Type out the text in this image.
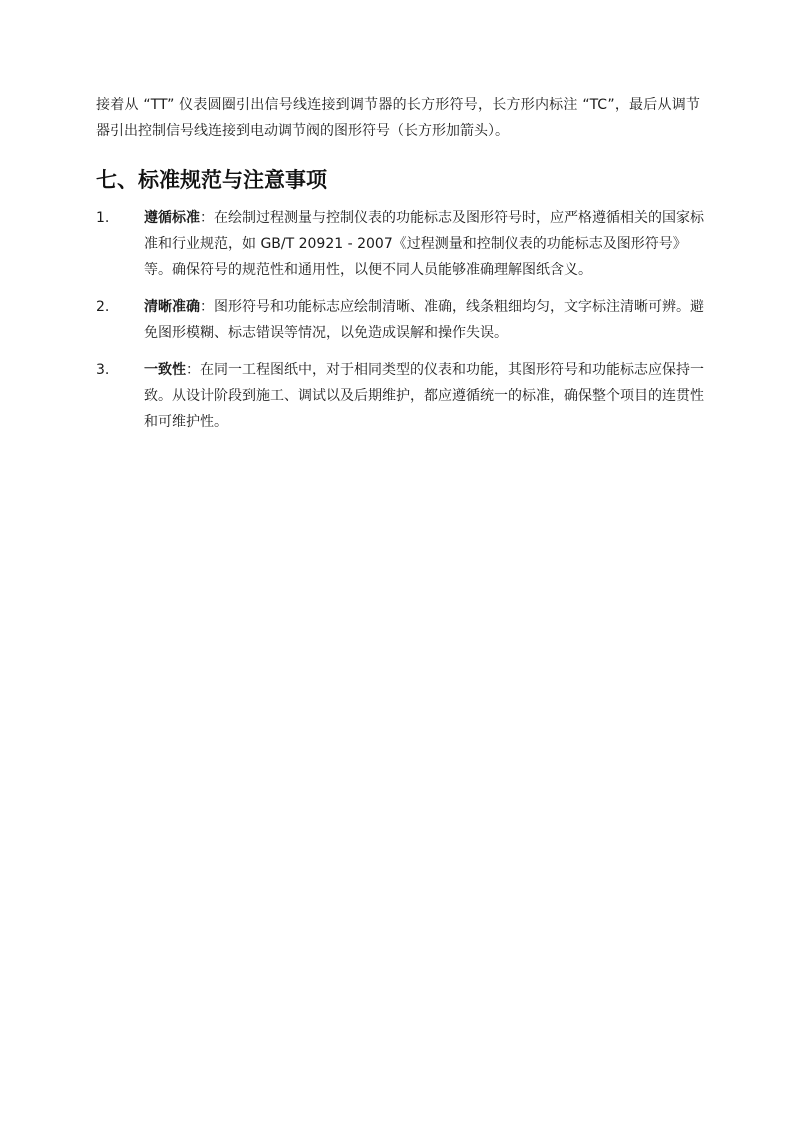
接着从 “TT” 仪表圆圈引出信号线连接到调节器的长方形符号，长方形内标注 “TC”，最后从调节器引出控制信号线连接到电动调节阀的图形符号（长方形加箭头）。

七、标准规范与注意事项
1.	遵循标准：在绘制过程测量与控制仪表的功能标志及图形符号时，应严格遵循相关的国家标准和行业规范，如 GB/T 20921 - 2007《过程测量和控制仪表的功能标志及图形符号》等。确保符号的规范性和通用性，以便不同人员能够准确理解图纸含义。
2.	清晰准确：图形符号和功能标志应绘制清晰、准确，线条粗细均匀，文字标注清晰可辨。避免图形模糊、标志错误等情况，以免造成误解和操作失误。
3.	一致性：在同一工程图纸中，对于相同类型的仪表和功能，其图形符号和功能标志应保持一致。从设计阶段到施工、调试以及后期维护，都应遵循统一的标准，确保整个项目的连贯性和可维护性。
